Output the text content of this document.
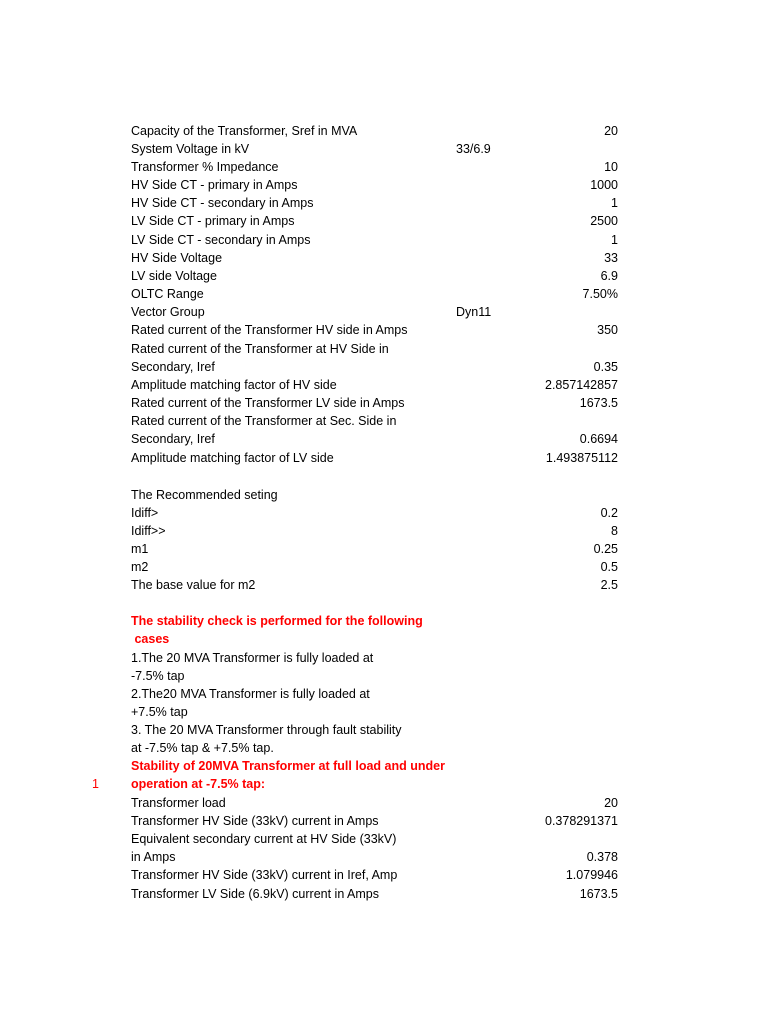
Capacity of the Transformer, Sref in MVA	20
System Voltage in kV	33/6.9
Transformer % Impedance	10
HV Side CT - primary in Amps	1000
HV Side CT - secondary in Amps	1
LV Side CT - primary in Amps	2500
LV Side CT - secondary in Amps	1
HV Side Voltage	33
LV side Voltage	6.9
OLTC Range	7.50%
Vector Group	Dyn11
Rated current of the Transformer HV side in Amps	350
Rated current of the Transformer at HV Side in
Secondary, Iref	0.35
Amplitude matching factor of HV side	2.857142857
Rated current of the Transformer LV side in Amps	1673.5
Rated current of the Transformer at Sec. Side in
Secondary, Iref	0.6694
Amplitude matching factor of LV side	1.493875112
The Recommended seting
Idiff>	0.2
Idiff>>	8
m1	0.25
m2	0.5
The base value for m2	2.5
The stability check is performed for the following
cases
1.The 20 MVA Transformer is fully loaded at
-7.5% tap
2.The20 MVA Transformer is fully loaded at
+7.5% tap
3. The 20 MVA Transformer through fault stability
at -7.5% tap & +7.5% tap.
Stability of 20MVA Transformer at full load and under
1	operation at -7.5% tap:
Transformer load	20
Transformer HV Side (33kV) current in Amps	0.378291371
Equivalent secondary current at HV Side (33kV)
in Amps	0.378
Transformer HV Side (33kV) current in Iref, Amp	1.079946
Transformer LV Side (6.9kV) current in Amps	1673.5
